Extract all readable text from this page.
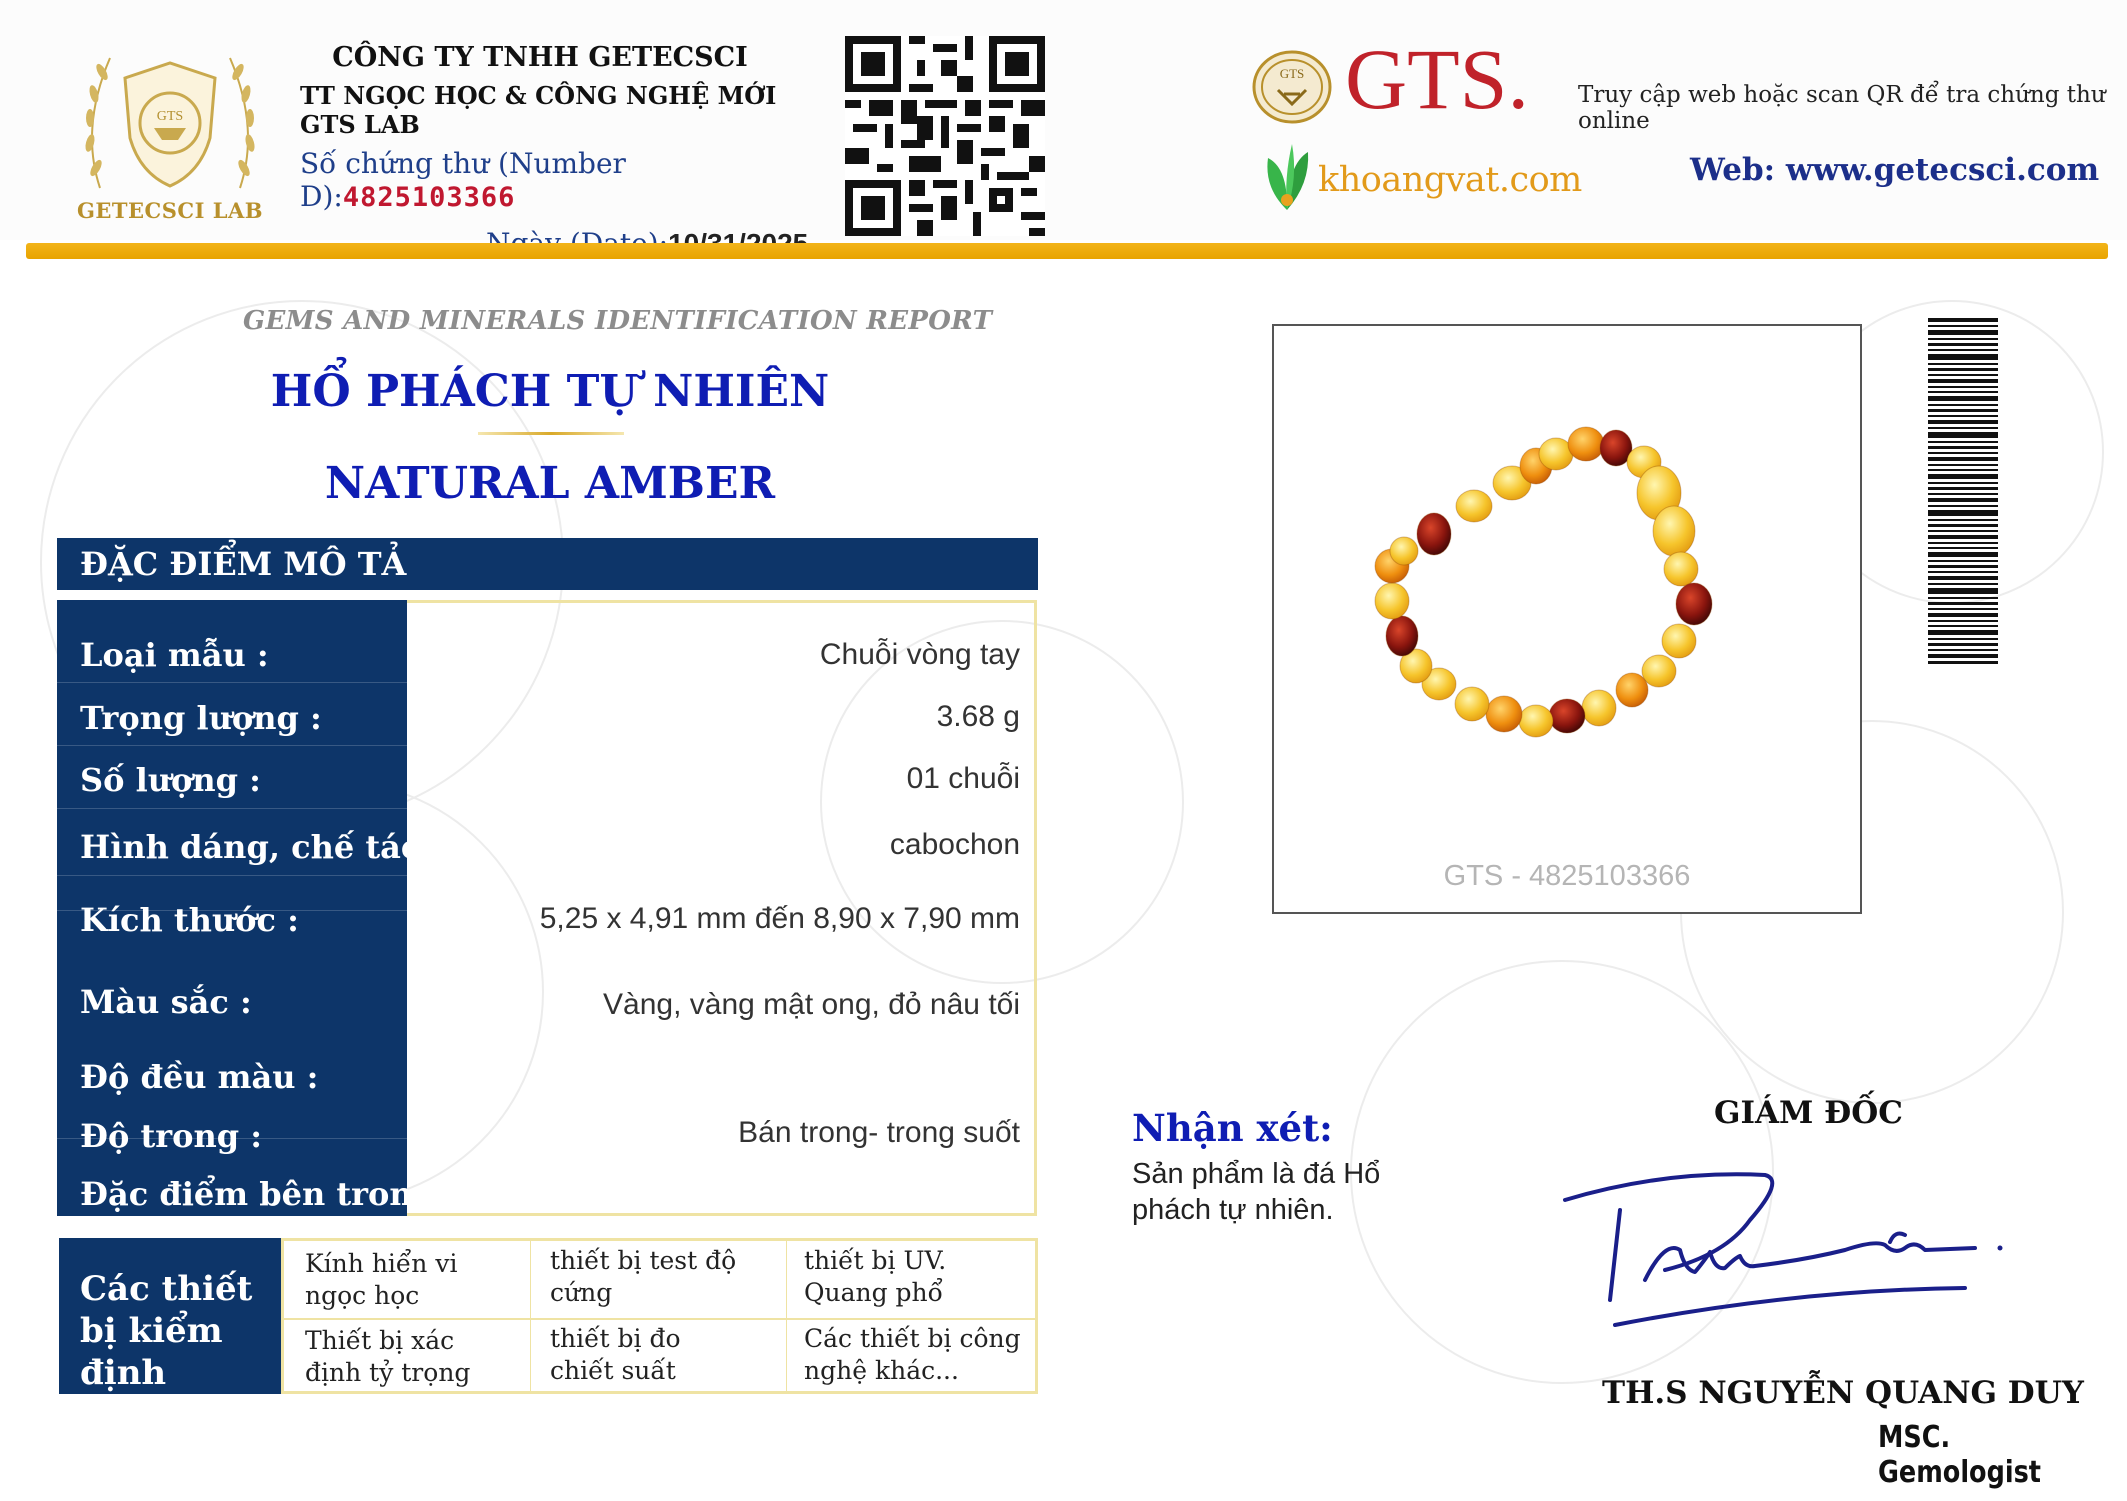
GTS
GETECSCI LAB
CÔNG TY TNHH GETECSCI
TT NGỌC HỌC & CÔNG NGHỆ MỚI GTS LAB
Số chứng thư (Number D):4825103366
GTS GTS.
khoangvat.com
Truy cập web hoặc scan QR để tra chứng thư online
Web: www.getecsci.com
GEMS AND MINERALS IDENTIFICATION REPORT
HỔ PHÁCH TỰ NHIÊN
NATURAL AMBER
ĐẶC ĐIỂM MÔ TẢ
Loại mẫu :
Trọng lượng :
Số lượng :
Hình dáng, chế tác :
Kích thước :
Màu sắc :
Độ đều màu :
Độ trong :
Đặc điểm bên trong :
Chuỗi vòng tay
3.68 g
01 chuỗi
cabochon
5,25 x 4,91 mm đến 8,90 x 7,90 mm
Vàng, vàng mật ong, đỏ nâu tối
Bán trong- trong suốt
Các thiết bị kiểm định
Kính hiển vi ngọc học
thiết bị test độ cứng
thiết bị UV. Quang phổ
Thiết bị xác định tỷ trọng
thiết bị đo chiết suất
Các thiết bị công nghệ khác...
GTS - 4825103366
Nhận xét:
Sản phẩm là đá Hổ phách tự nhiên.
GIÁM ĐỐC
TH.S NGUYỄN QUANG DUY
MSC. Gemologist
